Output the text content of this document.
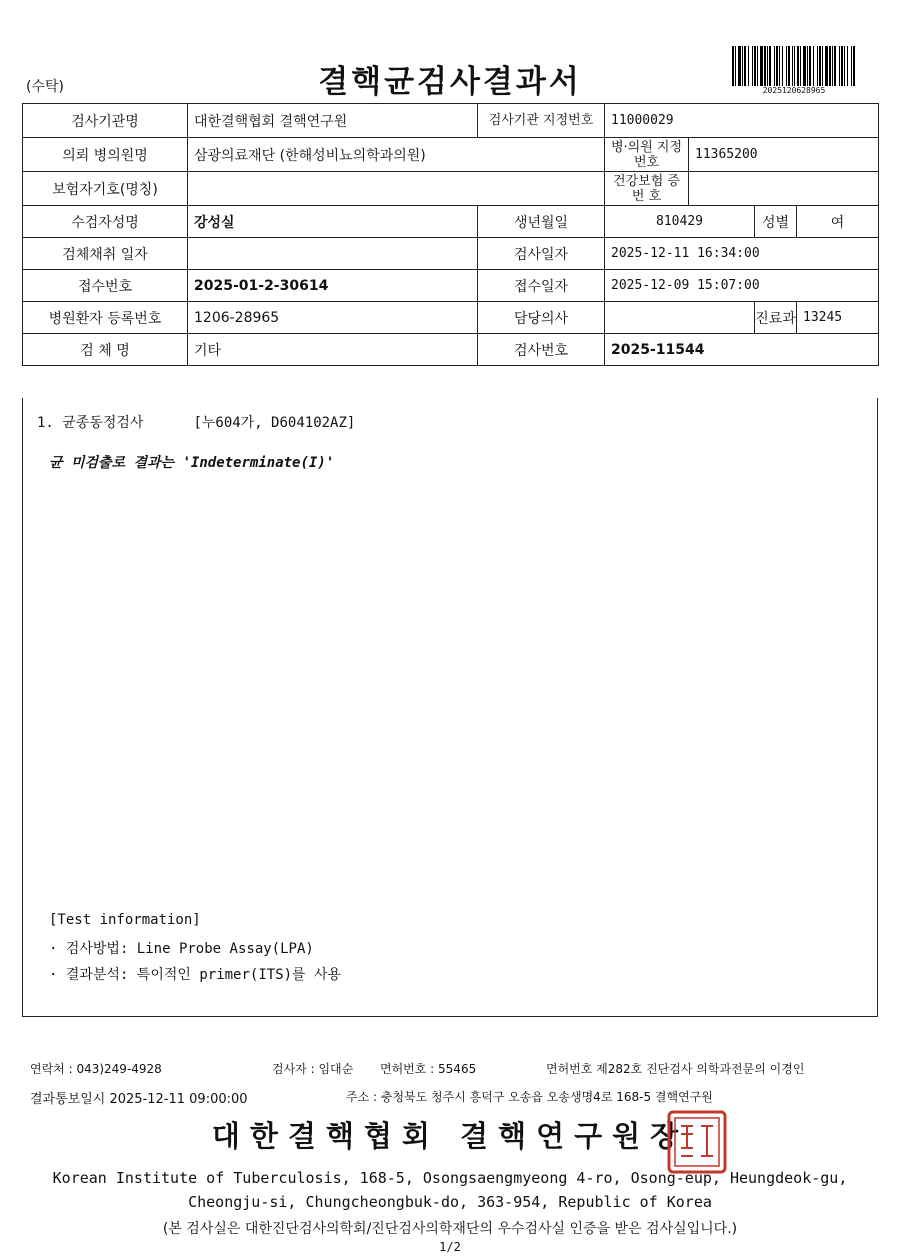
(수탁)	결핵균검사결과서	2025120628965
검사기관명	대한결핵협회 결핵연구원	검사기관 지정번호	11000029			
의뢰 병의원명	삼광의료재단 (한해성비뇨의학과의원)		병·의원 지정번호	11365200		
보험자기호(명칭)			건강보험 증 번 호			
수검자성명	강성실	생년월일	810429		성별	여
검체채취 일자		검사일자	2025-12-11 16:34:00			
접수번호	2025-01-2-30614	접수일자	2025-12-09 15:07:00			
병원환자 등록번호	1206-28965	담당의사			진료과	13245
검 체 명	기타	검사번호	2025-11544			
1. 균종동정검사	[누604가, D604102AZ]
균 미검출로 결과는 'Indeterminate(I)'
[Test information]
· 검사방법: Line Probe Assay(LPA)
· 결과분석: 특이적인 primer(ITS)를 사용
연락처 : 043)249-4928	검사자 : 임대순 면허번호 : 55465	면허번호 제282호 진단검사 의학과전문의 이경인
결과통보일시 2025-12-11 09:00:00	주소 : 충청북도 청주시 흥덕구 오송읍 오송생명4로 168-5 결핵연구원
대한결핵협회 결핵연구원장
Korean Institute of Tuberculosis, 168-5, Osongsaengmyeong 4-ro, Osong-eup, Heungdeok-gu,
Cheongju-si, Chungcheongbuk-do, 363-954, Republic of Korea
(본 검사실은 대한진단검사의학회/진단검사의학재단의 우수검사실 인증을 받은 검사실입니다.)
1/2
